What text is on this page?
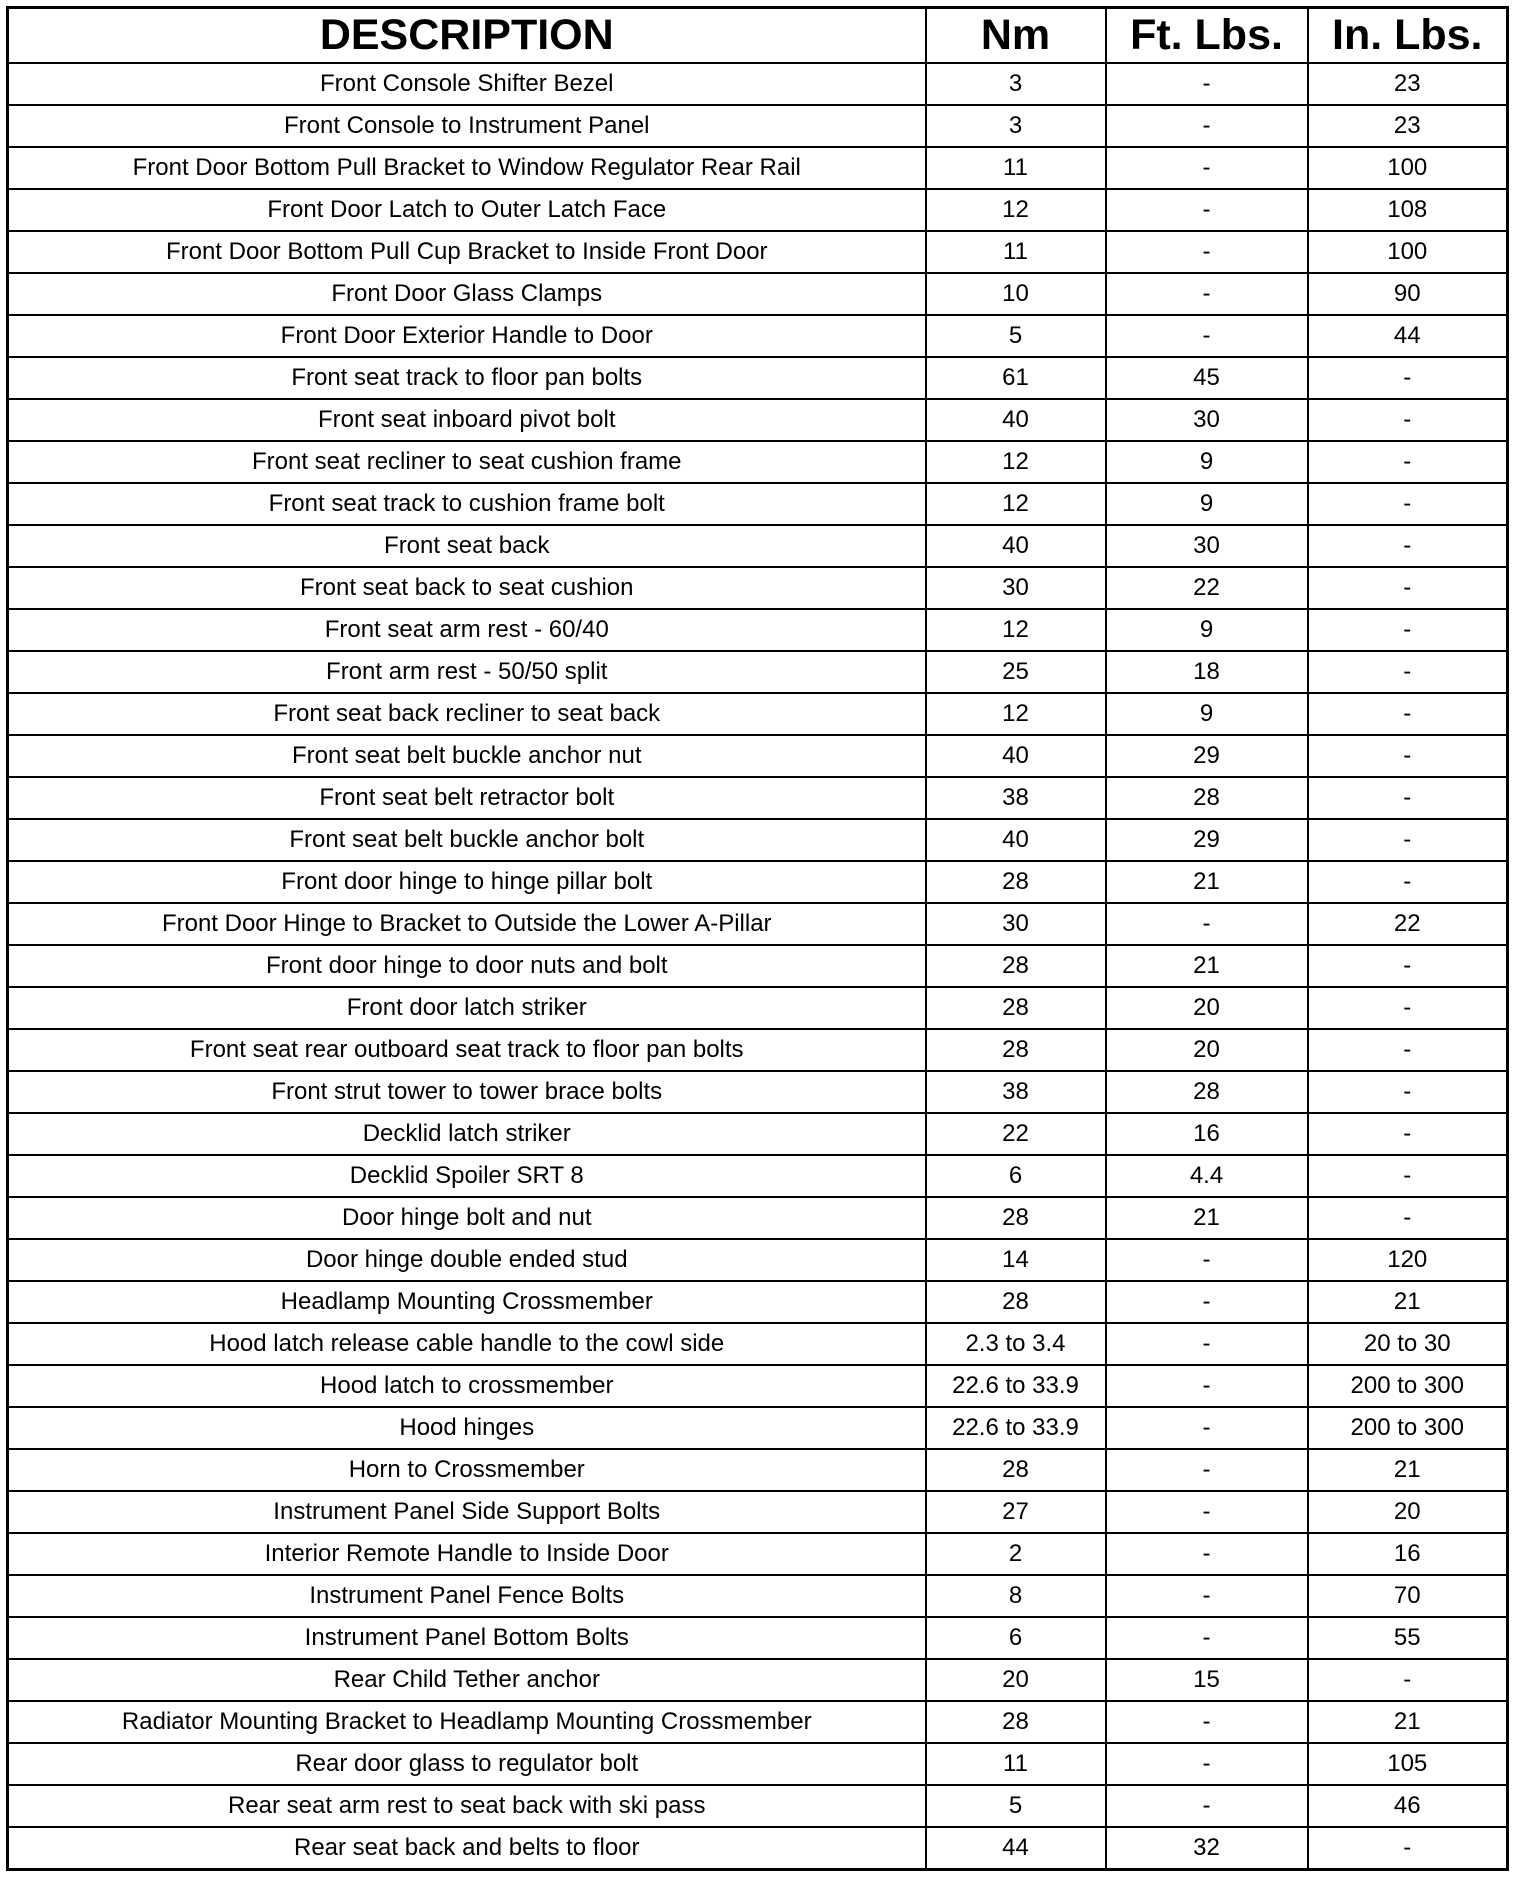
DESCRIPTION	Nm	Ft. Lbs.	In. Lbs.
Front Console Shifter Bezel	3	-	23
Front Console to Instrument Panel	3	-	23
Front Door Bottom Pull Bracket to Window Regulator Rear Rail	11	-	100
Front Door Latch to Outer Latch Face	12	-	108
Front Door Bottom Pull Cup Bracket to Inside Front Door	11	-	100
Front Door Glass Clamps	10	-	90
Front Door Exterior Handle to Door	5	-	44
Front seat track to floor pan bolts	61	45	-
Front seat inboard pivot bolt	40	30	-
Front seat recliner to seat cushion frame	12	9	-
Front seat track to cushion frame bolt	12	9	-
Front seat back	40	30	-
Front seat back to seat cushion	30	22	-
Front seat arm rest - 60/40	12	9	-
Front arm rest - 50/50 split	25	18	-
Front seat back recliner to seat back	12	9	-
Front seat belt buckle anchor nut	40	29	-
Front seat belt retractor bolt	38	28	-
Front seat belt buckle anchor bolt	40	29	-
Front door hinge to hinge pillar bolt	28	21	-
Front Door Hinge to Bracket to Outside the Lower A-Pillar	30	-	22
Front door hinge to door nuts and bolt	28	21	-
Front door latch striker	28	20	-
Front seat rear outboard seat track to floor pan bolts	28	20	-
Front strut tower to tower brace bolts	38	28	-
Decklid latch striker	22	16	-
Decklid Spoiler SRT 8	6	4.4	-
Door hinge bolt and nut	28	21	-
Door hinge double ended stud	14	-	120
Headlamp Mounting Crossmember	28	-	21
Hood latch release cable handle to the cowl side	2.3 to 3.4	-	20 to 30
Hood latch to crossmember	22.6 to 33.9	-	200 to 300
Hood hinges	22.6 to 33.9	-	200 to 300
Horn to Crossmember	28	-	21
Instrument Panel Side Support Bolts	27	-	20
Interior Remote Handle to Inside Door	2	-	16
Instrument Panel Fence Bolts	8	-	70
Instrument Panel Bottom Bolts	6	-	55
Rear Child Tether anchor	20	15	-
Radiator Mounting Bracket to Headlamp Mounting Crossmember	28	-	21
Rear door glass to regulator bolt	11	-	105
Rear seat arm rest to seat back with ski pass	5	-	46
Rear seat back and belts to floor	44	32	-
